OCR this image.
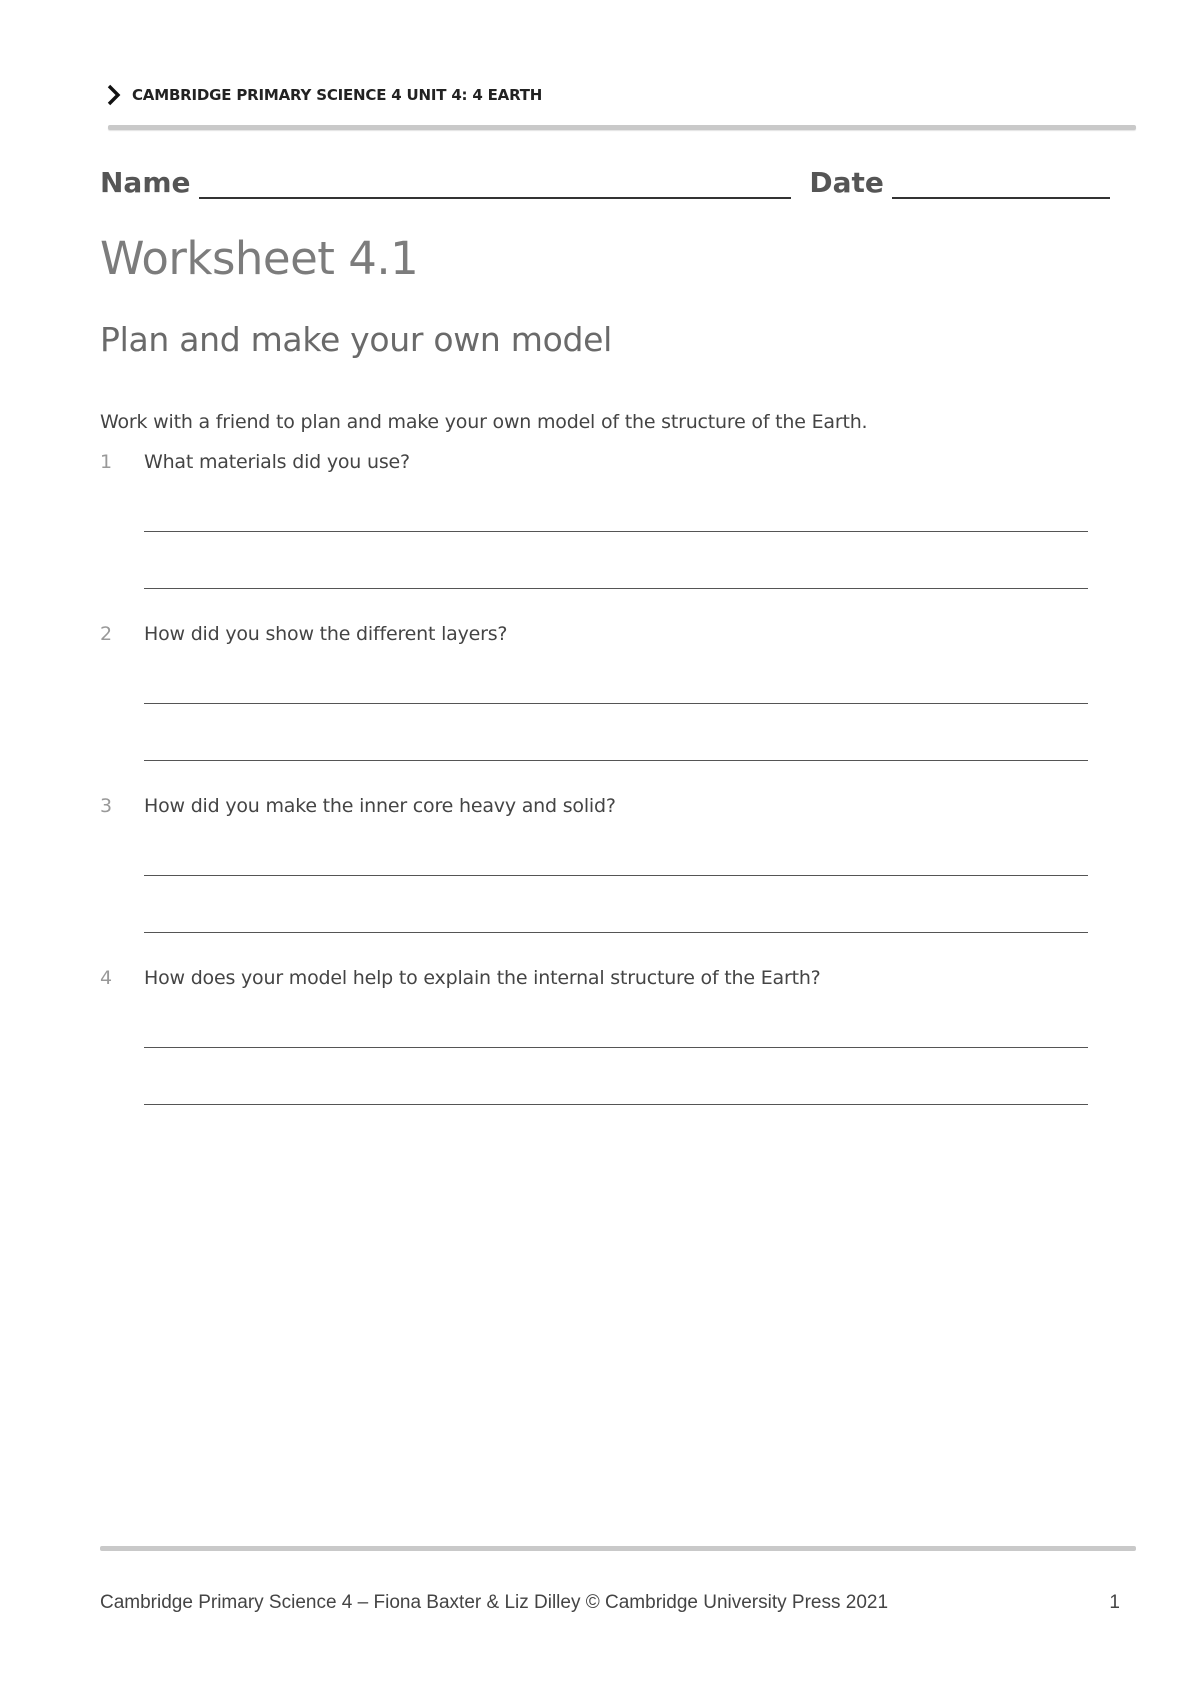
CAMBRIDGE PRIMARY SCIENCE 4 UNIT 4: 4 EARTH
Name	Date
Worksheet 4.1
Plan and make your own model
Work with a friend to plan and make your own model of the structure of the Earth.
1	What materials did you use?
2	How did you show the different layers?
3	How did you make the inner core heavy and solid?
4	How does your model help to explain the internal structure of the Earth?
Cambridge Primary Science 4 – Fiona Baxter & Liz Dilley © Cambridge University Press 2021	1
